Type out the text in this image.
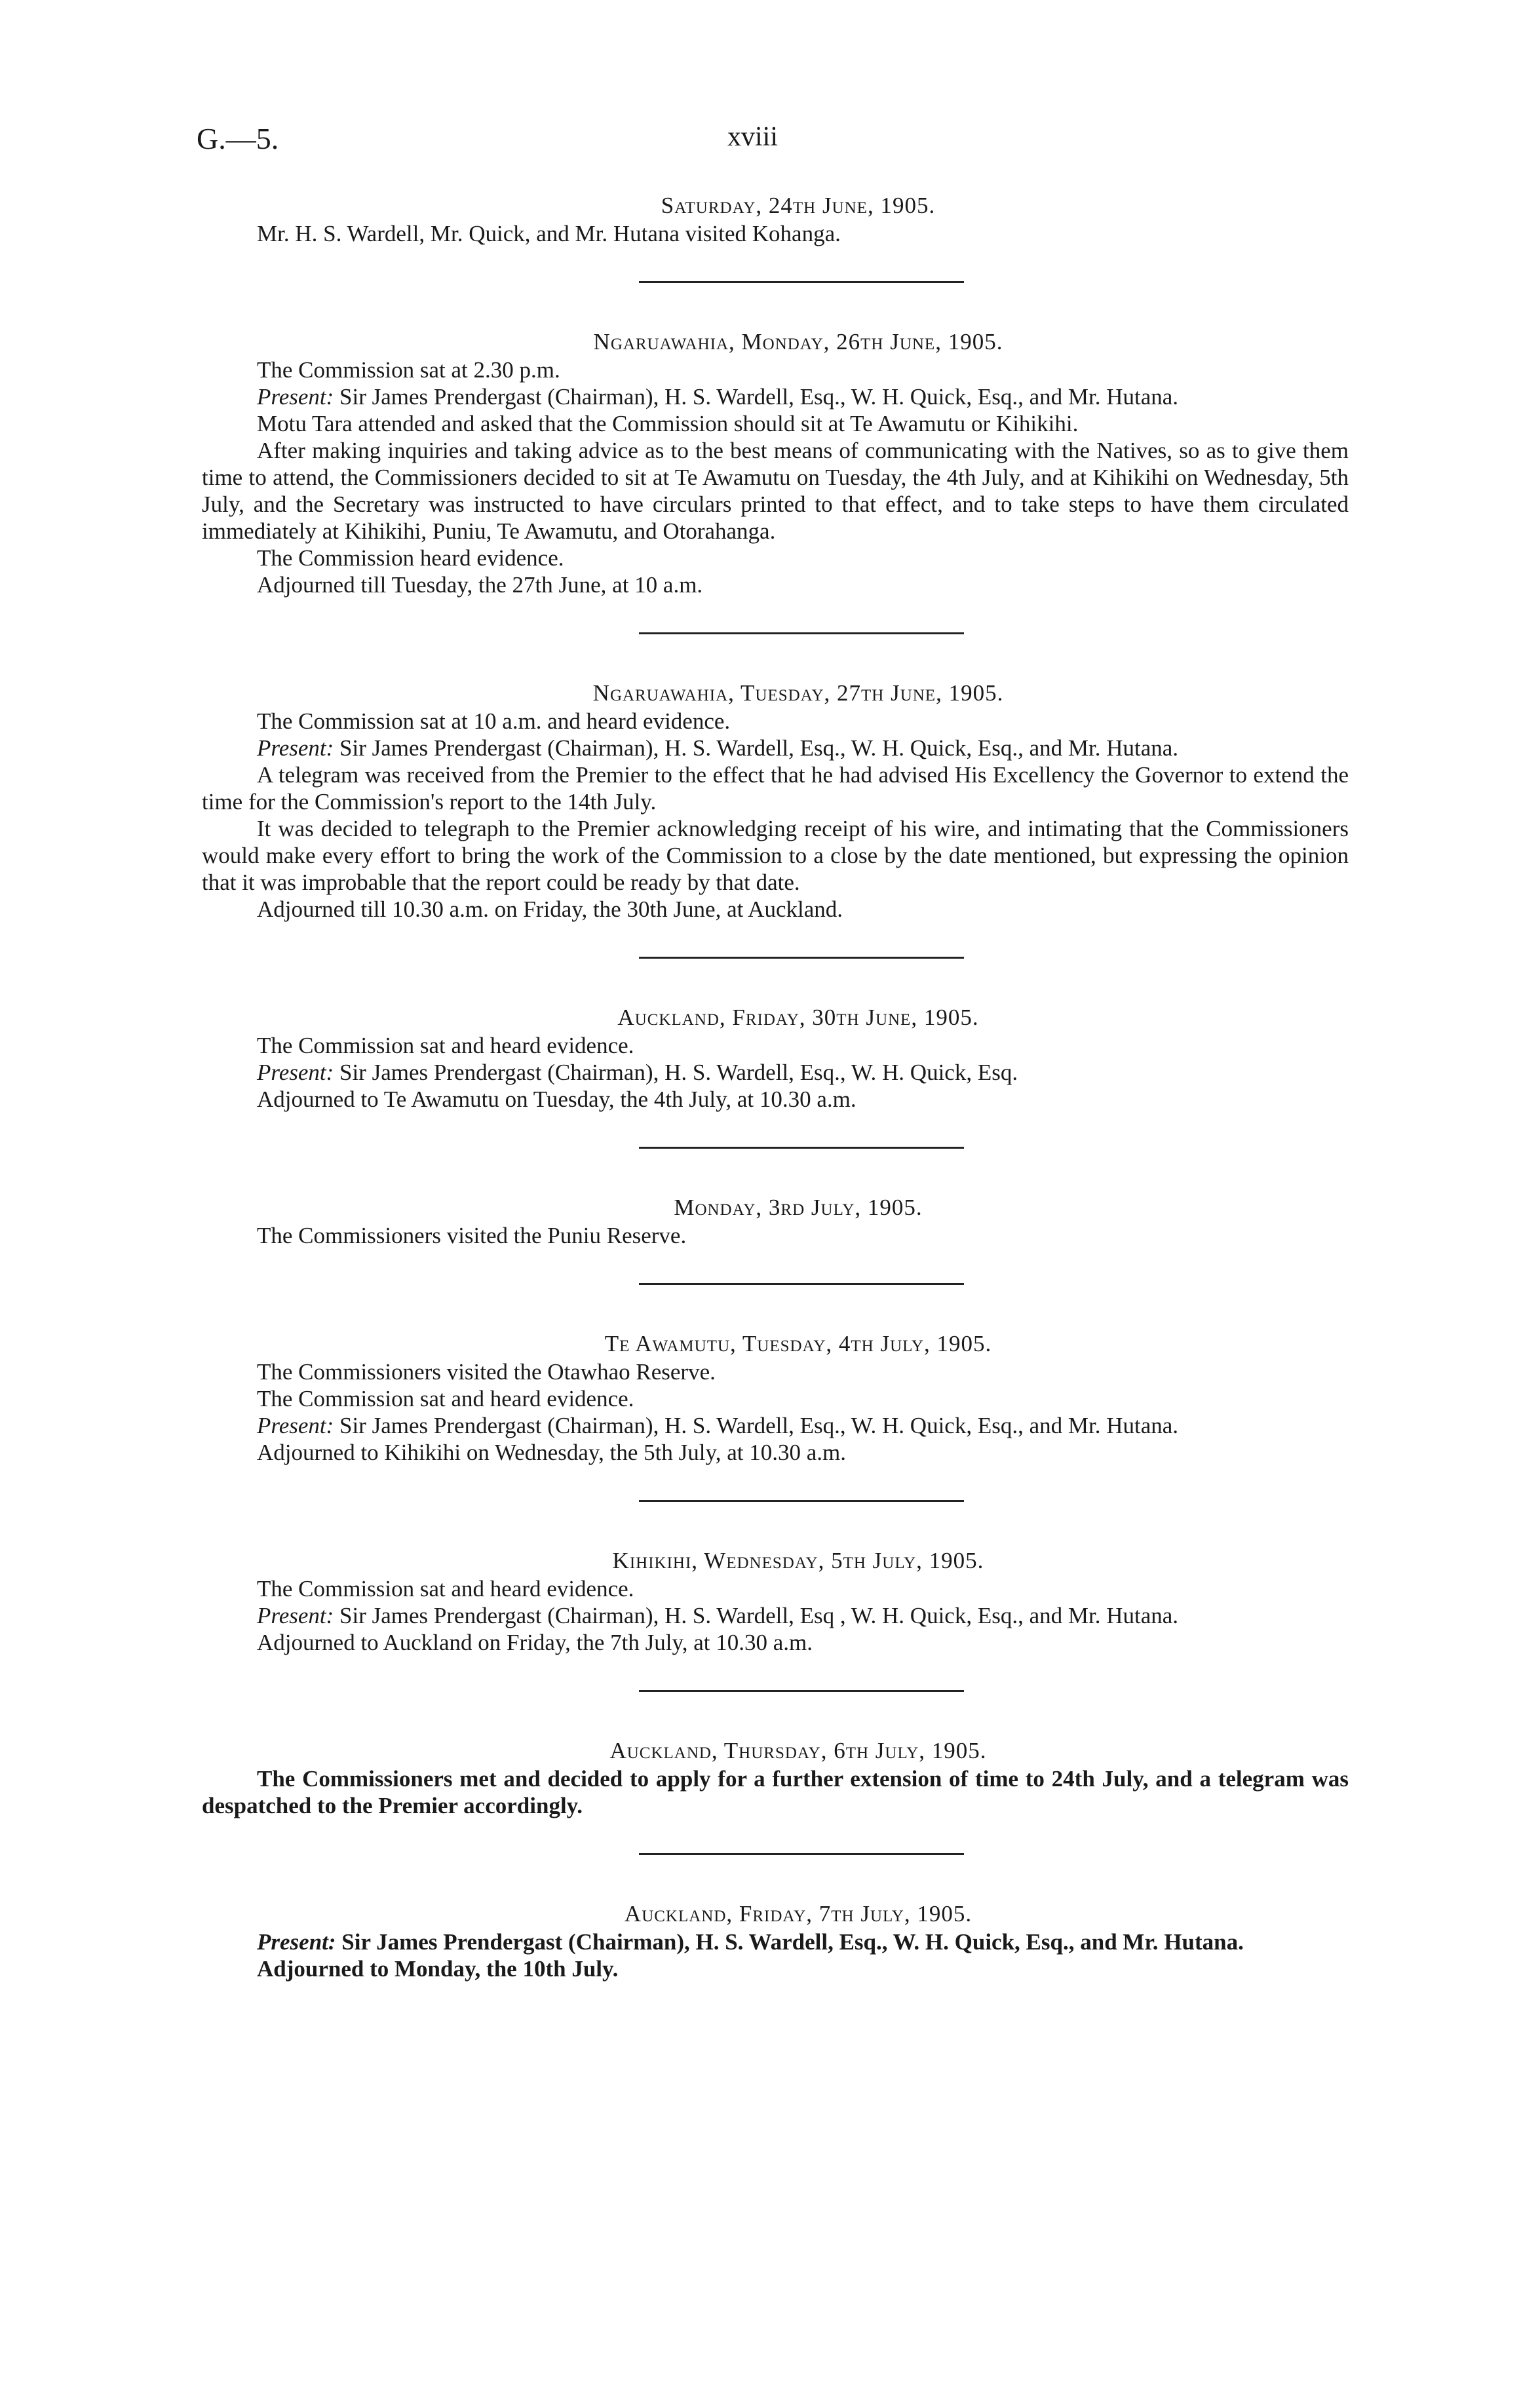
G.—5.	xviii
Saturday, 24th June, 1905.

Mr. H. S. Wardell, Mr. Quick, and Mr. Hutana visited Kohanga.

Ngaruawahia, Monday, 26th June, 1905.

The Commission sat at 2.30 p.m.

Present: Sir James Prendergast (Chairman), H. S. Wardell, Esq., W. H. Quick, Esq., and Mr. Hutana.

Motu Tara attended and asked that the Commission should sit at Te Awamutu or Kihikihi.

After making inquiries and taking advice as to the best means of communicating with the Natives, so as to give them time to attend, the Commissioners decided to sit at Te Awamutu on Tuesday, the 4th July, and at Kihikihi on Wednesday, 5th July, and the Secretary was instructed to have circulars printed to that effect, and to take steps to have them circulated immediately at Kihikihi, Puniu, Te Awamutu, and Otorahanga.

The Commission heard evidence.

Adjourned till Tuesday, the 27th June, at 10 a.m.

Ngaruawahia, Tuesday, 27th June, 1905.

The Commission sat at 10 a.m. and heard evidence.

Present: Sir James Prendergast (Chairman), H. S. Wardell, Esq., W. H. Quick, Esq., and Mr. Hutana.

A telegram was received from the Premier to the effect that he had advised His Excellency the Governor to extend the time for the Commission's report to the 14th July.

It was decided to telegraph to the Premier acknowledging receipt of his wire, and intimating that the Commissioners would make every effort to bring the work of the Commission to a close by the date mentioned, but expressing the opinion that it was improbable that the report could be ready by that date.

Adjourned till 10.30 a.m. on Friday, the 30th June, at Auckland.

Auckland, Friday, 30th June, 1905.

The Commission sat and heard evidence.

Present: Sir James Prendergast (Chairman), H. S. Wardell, Esq., W. H. Quick, Esq.

Adjourned to Te Awamutu on Tuesday, the 4th July, at 10.30 a.m.

Monday, 3rd July, 1905.

The Commissioners visited the Puniu Reserve.

Te Awamutu, Tuesday, 4th July, 1905.

The Commissioners visited the Otawhao Reserve.

The Commission sat and heard evidence.

Present: Sir James Prendergast (Chairman), H. S. Wardell, Esq., W. H. Quick, Esq., and Mr. Hutana.

Adjourned to Kihikihi on Wednesday, the 5th July, at 10.30 a.m.

Kihikihi, Wednesday, 5th July, 1905.

The Commission sat and heard evidence.

Present: Sir James Prendergast (Chairman), H. S. Wardell, Esq , W. H. Quick, Esq., and Mr. Hutana.

Adjourned to Auckland on Friday, the 7th July, at 10.30 a.m.

Auckland, Thursday, 6th July, 1905.

The Commissioners met and decided to apply for a further extension of time to 24th July, and a telegram was despatched to the Premier accordingly.

Auckland, Friday, 7th July, 1905.

Present: Sir James Prendergast (Chairman), H. S. Wardell, Esq., W. H. Quick, Esq., and Mr. Hutana.

Adjourned to Monday, the 10th July.
